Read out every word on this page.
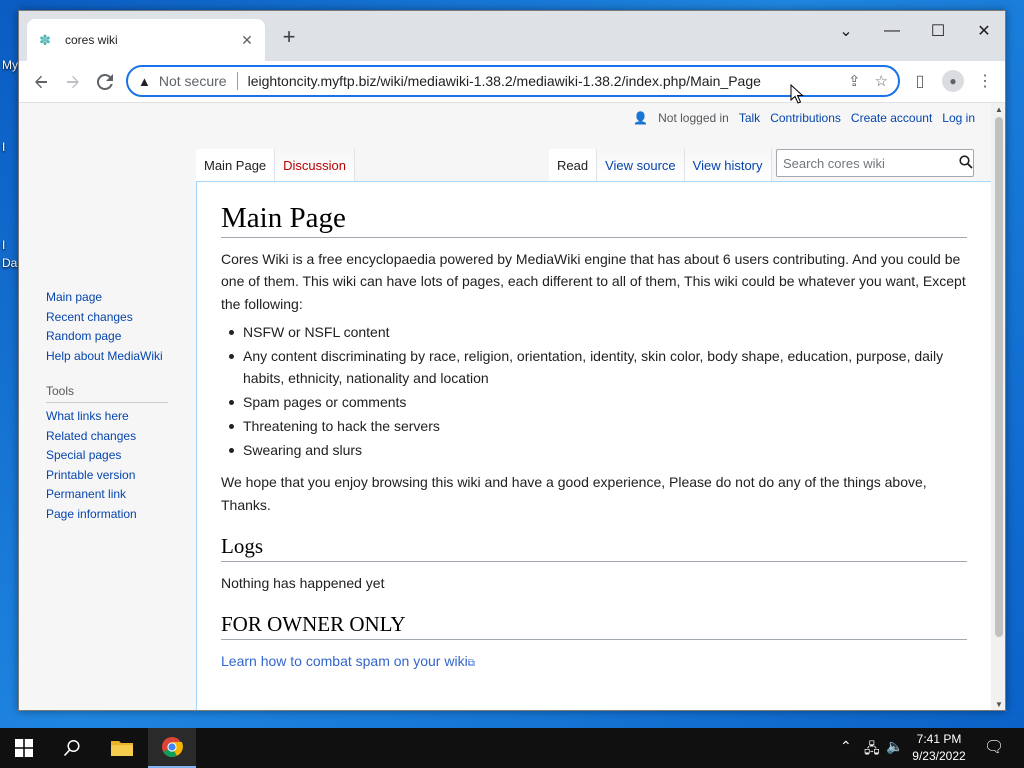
My
I
I
Da
✽ cores wiki	✕ +	⌄	—	☐	✕
▲ Not secure leightoncity.myftp.biz/wiki/mediawiki-1.38.2/mediawiki-1.38.2/index.php/Main_Page	⇪ ☆	▯	●	⋮
👤 Not logged in Talk Contributions Create account Log in
Main Page	Discussion	Read	View source	View history
Search cores wiki
Main page
Recent changes
Random page
Help about MediaWiki
Tools
What links here
Related changes
Special pages
Printable version
Permanent link
Page information
Main Page

Cores Wiki is a free encyclopaedia powered by MediaWiki engine that has about 6 users contributing. And you could be one of them. This wiki can have lots of pages, each different to all of them, This wiki could be whatever you want, Except the following:

NSFW or NSFL content
Any content discriminating by race, religion, orientation, identity, skin color, body shape, education, purpose, daily habits, ethnicity, nationality and location
Spam pages or comments
Threatening to hack the servers
Swearing and slurs

We hope that you enjoy browsing this wiki and have a good experience, Please do not do any of the things above, Thanks.

Logs

Nothing has happened yet

FOR OWNER ONLY

Learn how to combat spam on your wiki⧉

▲
▼
⌃ 🖧 🔈	7:41 PM
9/23/2022 🗨
